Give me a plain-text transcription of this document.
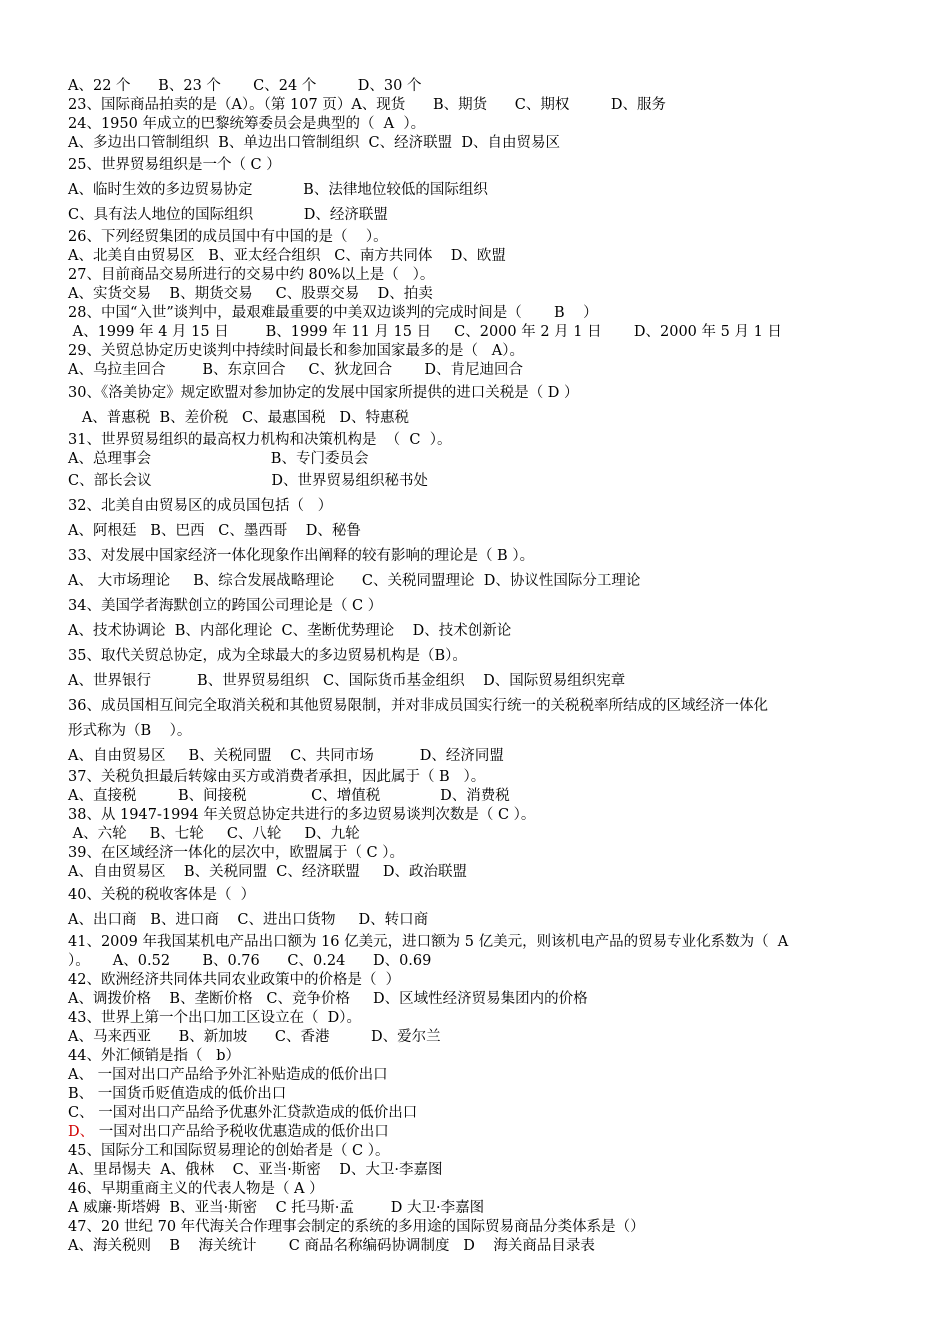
A、22 个      B、23 个       C、24 个         D、30 个
23、国际商品拍卖的是（A）。（第 107 页）A、现货      B、期货      C、期权         D、服务
24、1950 年成立的巴黎统筹委员会是典型的（  A  ）。
A、多边出口管制组织  B、单边出口管制组织  C、经济联盟  D、自由贸易区
25、世界贸易组织是一个（ C ）
A、临时生效的多边贸易协定           B、法律地位较低的国际组织
C、具有法人地位的国际组织           D、经济联盟
26、下列经贸集团的成员国中有中国的是（    ）。
A、北美自由贸易区   B、亚太经合组织   C、南方共同体    D、欧盟
27、目前商品交易所进行的交易中约 80%以上是（   ）。
A、实货交易    B、期货交易     C、股票交易    D、拍卖
28、中国“入世”谈判中，最艰难最重要的中美双边谈判的完成时间是（       B    ）
A、1999 年 4 月 15 日        B、1999 年 11 月 15 日     C、2000 年 2 月 1 日       D、2000 年 5 月 1 日
29、关贸总协定历史谈判中持续时间最长和参加国家最多的是（   A）。
A、乌拉圭回合        B、东京回合     C、狄龙回合       D、肯尼迪回合
30、《洛美协定》规定欧盟对参加协定的发展中国家所提供的进口关税是（ D ）
A、普惠税  B、差价税   C、最惠国税   D、特惠税
31、世界贸易组织的最高权力机构和决策机构是  （  C  ）。
A、总理事会                          B、专门委员会
C、部长会议                          D、世界贸易组织秘书处
32、北美自由贸易区的成员国包括（   ）
A、阿根廷   B、巴西   C、墨西哥    D、秘鲁
33、对发展中国家经济一体化现象作出阐释的较有影响的理论是（ B ）。
A、 大市场理论     B、综合发展战略理论      C、关税同盟理论  D、协议性国际分工理论
34、美国学者海默创立的跨国公司理论是（ C ）
A、技术协调论  B、内部化理论  C、垄断优势理论    D、技术创新论
35、取代关贸总协定，成为全球最大的多边贸易机构是（B）。
A、世界银行          B、世界贸易组织   C、国际货币基金组织    D、国际贸易组织宪章
36、成员国相互间完全取消关税和其他贸易限制，并对非成员国实行统一的关税税率所结成的区域经济一体化
形式称为（B    ）。
A、自由贸易区     B、关税同盟    C、共同市场          D、经济同盟
37、关税负担最后转嫁由买方或消费者承担，因此属于（ B   ）。
A、直接税         B、间接税              C、增值税             D、消费税
38、从 1947-1994 年关贸总协定共进行的多边贸易谈判次数是（ C ）。
A、六轮     B、七轮     C、八轮     D、九轮
39、在区域经济一体化的层次中，欧盟属于（ C ）。
A、自由贸易区    B、关税同盟  C、经济联盟     D、政治联盟
40、关税的税收客体是（  ）
A、出口商   B、进口商    C、进出口货物     D、转口商
41、2009 年我国某机电产品出口额为 16 亿美元，进口额为 5 亿美元，则该机电产品的贸易专业化系数为（  A
）。     A、0.52       B、0.76      C、0.24      D、0.69
42、欧洲经济共同体共同农业政策中的价格是（  ）
A、调拨价格    B、垄断价格   C、竞争价格     D、区域性经济贸易集团内的价格
43、世界上第一个出口加工区设立在（  D）。
A、马来西亚      B、新加坡      C、香港         D、爱尔兰
44、外汇倾销是指（   b）
A、 一国对出口产品给予外汇补贴造成的低价出口
B、 一国货币贬值造成的低价出口
C、 一国对出口产品给予优惠外汇贷款造成的低价出口
D、 一国对出口产品给予税收优惠造成的低价出口
45、国际分工和国际贸易理论的创始者是（ C ）。
A、里昂惕夫  A、俄林    C、亚当·斯密    D、大卫·李嘉图
46、早期重商主义的代表人物是（ A ）
A 威廉·斯塔姆  B、亚当·斯密    C 托马斯·孟        D 大卫·李嘉图
47、20 世纪 70 年代海关合作理事会制定的系统的多用途的国际贸易商品分类体系是（）
A、海关税则    B    海关统计       C 商品名称编码协调制度   D    海关商品目录表
